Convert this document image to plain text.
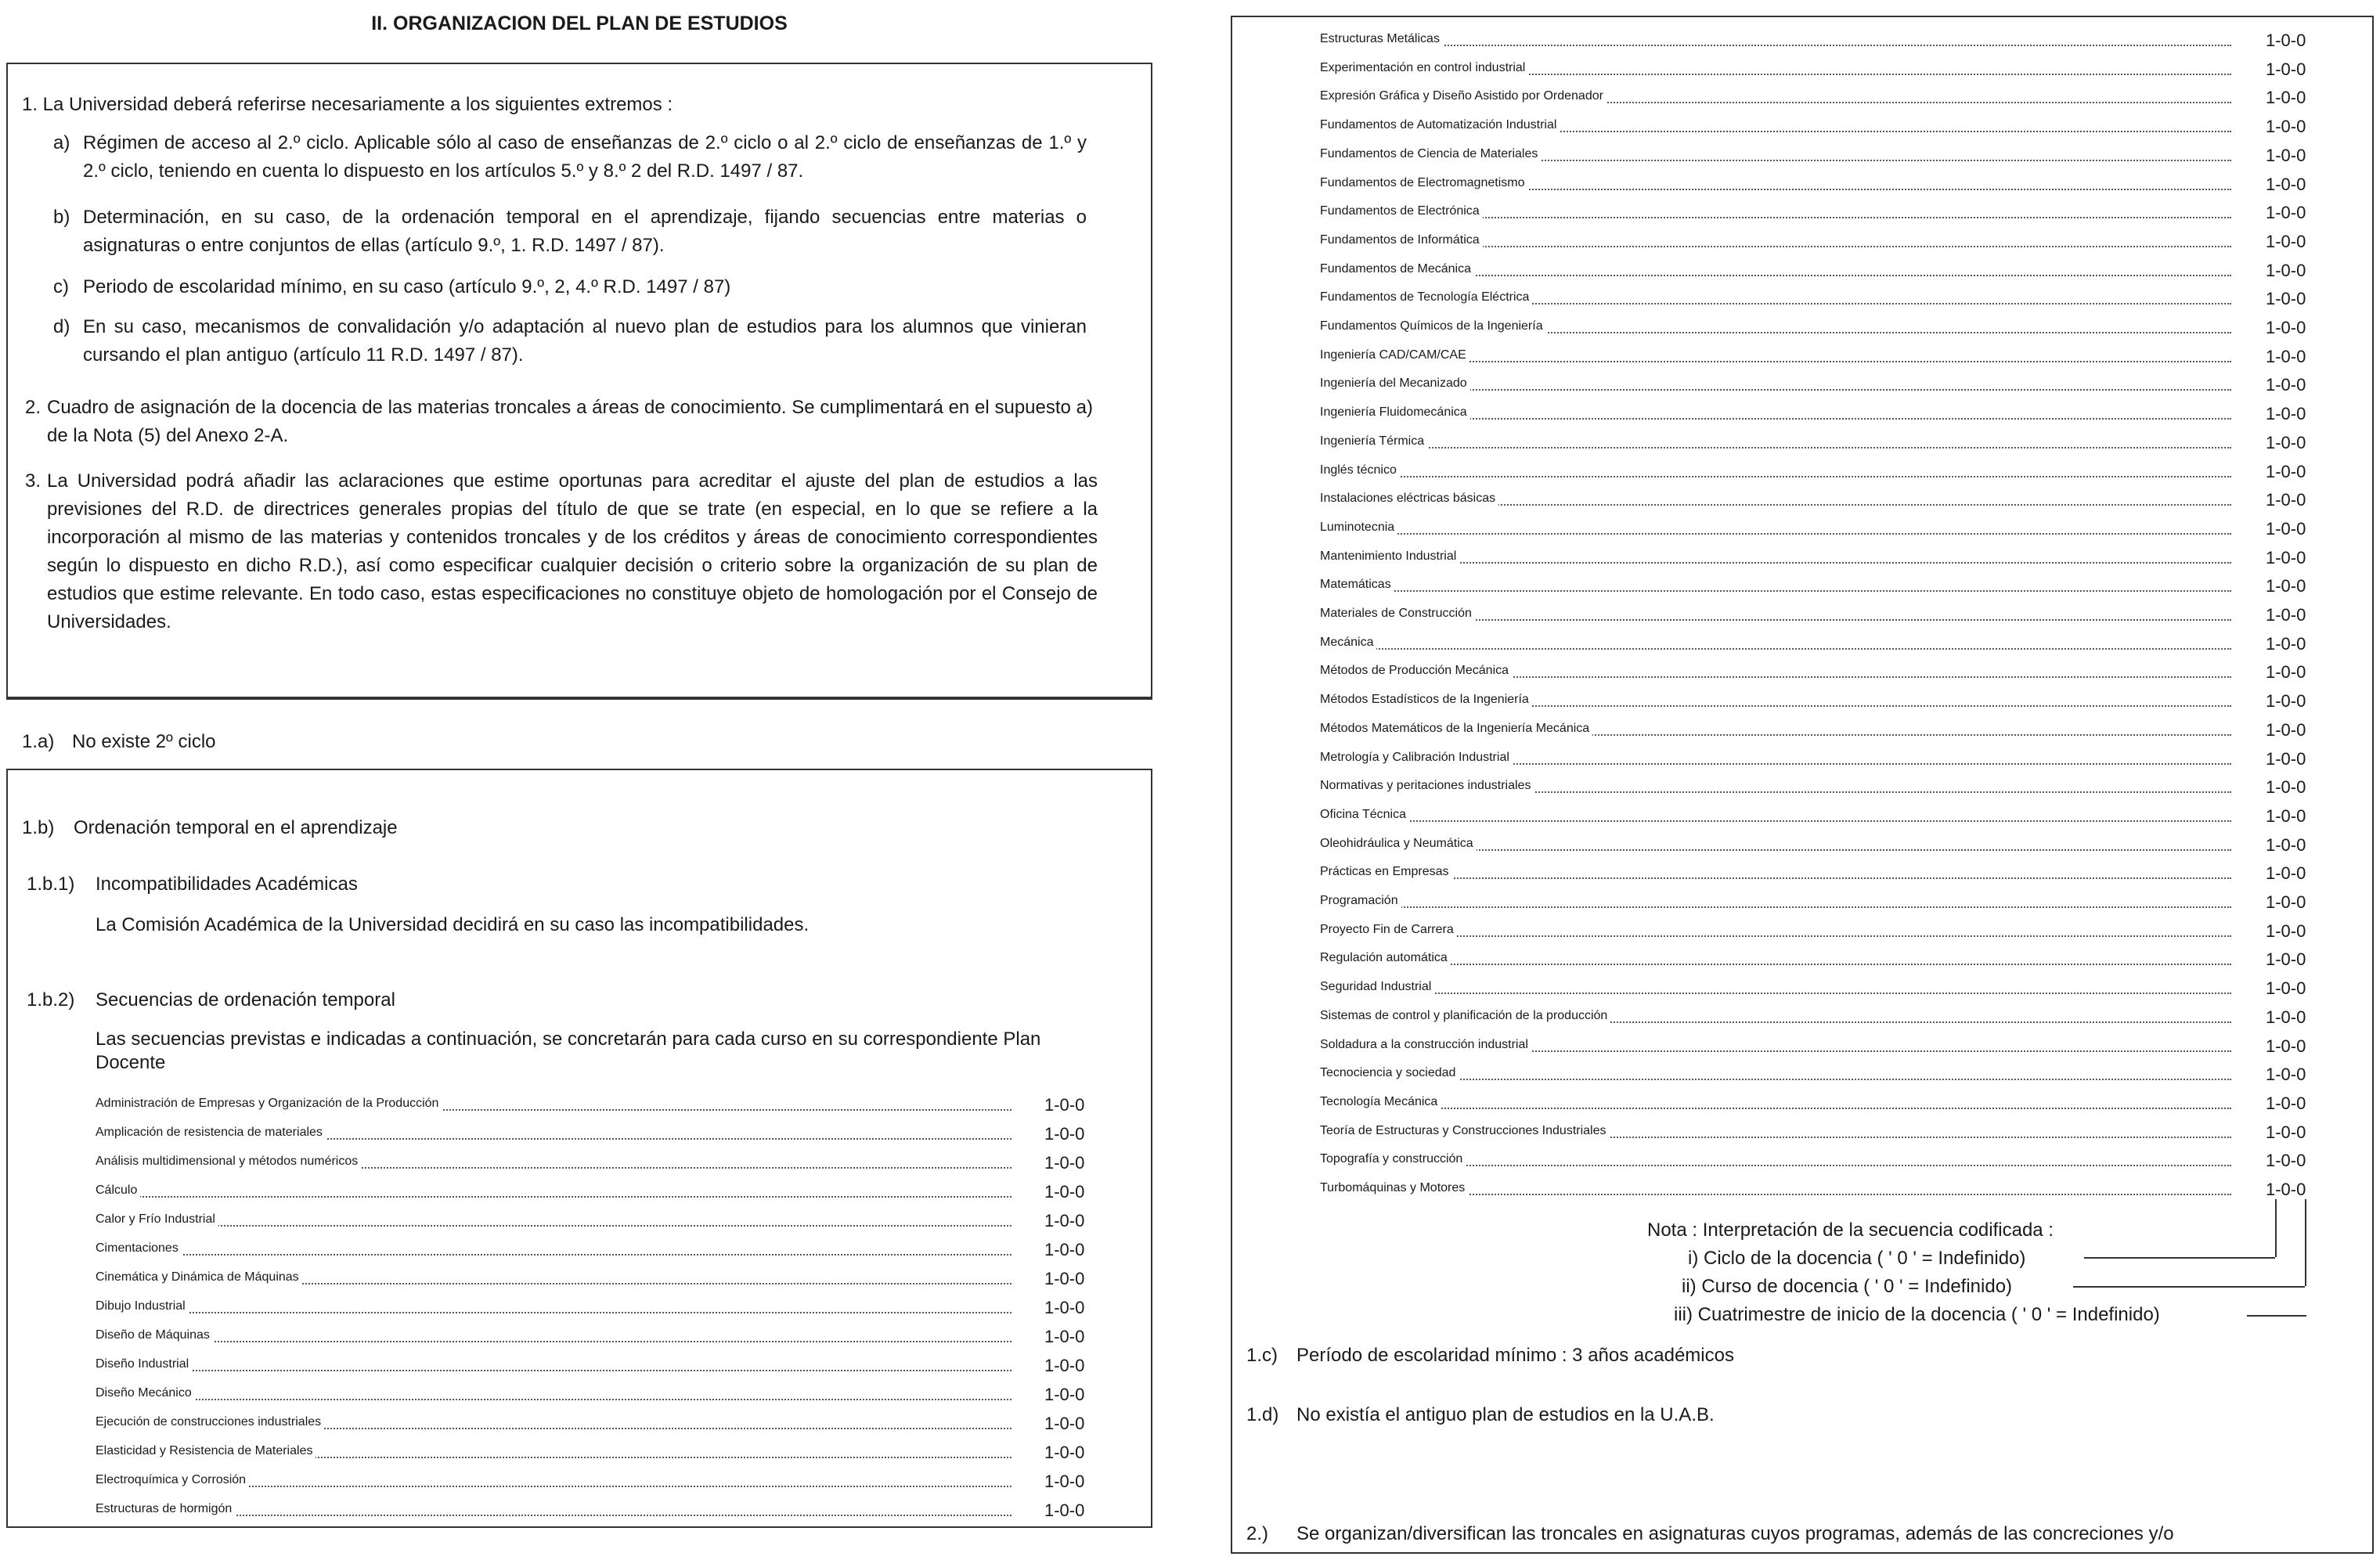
II. ORGANIZACION DEL PLAN DE ESTUDIOS
1. La Universidad deberá referirse necesariamente a los siguientes extremos :
a) Régimen de acceso al 2.º ciclo. Aplicable sólo al caso de enseñanzas de 2.º ciclo o al 2.º ciclo de enseñanzas de 1.º y 2.º ciclo, teniendo en cuenta lo dispuesto en los artículos 5.º y 8.º 2 del R.D. 1497 / 87.
b) Determinación, en su caso, de la ordenación temporal en el aprendizaje, fijando secuencias entre materias o asignaturas o entre conjuntos de ellas (artículo 9.º, 1. R.D. 1497 / 87).
c) Periodo de escolaridad mínimo, en su caso (artículo 9.º, 2, 4.º R.D. 1497 / 87)
d) En su caso, mecanismos de convalidación y/o adaptación al nuevo plan de estudios para los alumnos que vinieran cursando el plan antiguo (artículo 11 R.D. 1497 / 87).
2. Cuadro de asignación de la docencia de las materias troncales a áreas de conocimiento. Se cumplimentará en el supuesto a) de la Nota (5) del Anexo 2-A.
3. La Universidad podrá añadir las aclaraciones que estime oportunas para acreditar el ajuste del plan de estudios a las previsiones del R.D. de directrices generales propias del título de que se trate (en especial, en lo que se refiere a la incorporación al mismo de las materias y contenidos troncales y de los créditos y áreas de conocimiento correspondientes según lo dispuesto en dicho R.D.), así como especificar cualquier decisión o criterio sobre la organización de su plan de estudios que estime relevante. En todo caso, estas especificaciones no constituye objeto de homologación por el Consejo de Universidades.
1.a) No existe 2º ciclo
1.b) Ordenación temporal en el aprendizaje
1.b.1) Incompatibilidades Académicas
La Comisión Académica de la Universidad decidirá en su caso las incompatibilidades.
1.b.2) Secuencias de ordenación temporal
Las secuencias previstas e indicadas a continuación, se concretarán para cada curso en su correspondiente Plan Docente
Administración de Empresas y Organización de la Producción	1-0-0
Amplicación de resistencia de materiales	1-0-0
Análisis multidimensional y métodos numéricos	1-0-0
Cálculo	1-0-0
Calor y Frío Industrial	1-0-0
Cimentaciones	1-0-0
Cinemática y Dinámica de Máquinas	1-0-0
Dibujo Industrial	1-0-0
Diseño de Máquinas	1-0-0
Diseño Industrial	1-0-0
Diseño Mecánico	1-0-0
Ejecución de construcciones industriales	1-0-0
Elasticidad y Resistencia de Materiales	1-0-0
Electroquímica y Corrosión	1-0-0
Estructuras de hormigón	1-0-0
Estructuras Metálicas	1-0-0
Experimentación en control industrial	1-0-0
Expresión Gráfica y Diseño Asistido por Ordenador	1-0-0
Fundamentos de Automatización Industrial	1-0-0
Fundamentos de Ciencia de Materiales	1-0-0
Fundamentos de Electromagnetismo	1-0-0
Fundamentos de Electrónica	1-0-0
Fundamentos de Informática	1-0-0
Fundamentos de Mecánica	1-0-0
Fundamentos de Tecnología Eléctrica	1-0-0
Fundamentos Químicos de la Ingeniería	1-0-0
Ingeniería CAD/CAM/CAE	1-0-0
Ingeniería del Mecanizado	1-0-0
Ingeniería Fluidomecánica	1-0-0
Ingeniería Térmica	1-0-0
Inglés técnico	1-0-0
Instalaciones eléctricas básicas	1-0-0
Luminotecnia	1-0-0
Mantenimiento Industrial	1-0-0
Matemáticas	1-0-0
Materiales de Construcción	1-0-0
Mecánica	1-0-0
Métodos de Producción Mecánica	1-0-0
Métodos Estadísticos de la Ingeniería	1-0-0
Métodos Matemáticos de la Ingeniería Mecánica	1-0-0
Metrología y Calibración Industrial	1-0-0
Normativas y peritaciones industriales	1-0-0
Oficina Técnica	1-0-0
Oleohidráulica y Neumática	1-0-0
Prácticas en Empresas	1-0-0
Programación	1-0-0
Proyecto Fin de Carrera	1-0-0
Regulación automática	1-0-0
Seguridad Industrial	1-0-0
Sistemas de control y planificación de la producción	1-0-0
Soldadura a la construcción industrial	1-0-0
Tecnociencia y sociedad	1-0-0
Tecnología Mecánica	1-0-0
Teoría de Estructuras y Construcciones Industriales	1-0-0
Topografía y construcción	1-0-0
Turbomáquinas y Motores	1-0-0
Nota : Interpretación de la secuencia codificada :
i) Ciclo de la docencia ( ' 0 ' = Indefinido)
ii) Curso de docencia ( ' 0 ' = Indefinido)
iii) Cuatrimestre de inicio de la docencia ( ' 0 ' = Indefinido)
1.c) Período de escolaridad mínimo : 3 años académicos
1.d) No existía el antiguo plan de estudios en la U.A.B.
2.) Se organizan/diversifican las troncales en asignaturas cuyos programas, además de las concreciones y/o
